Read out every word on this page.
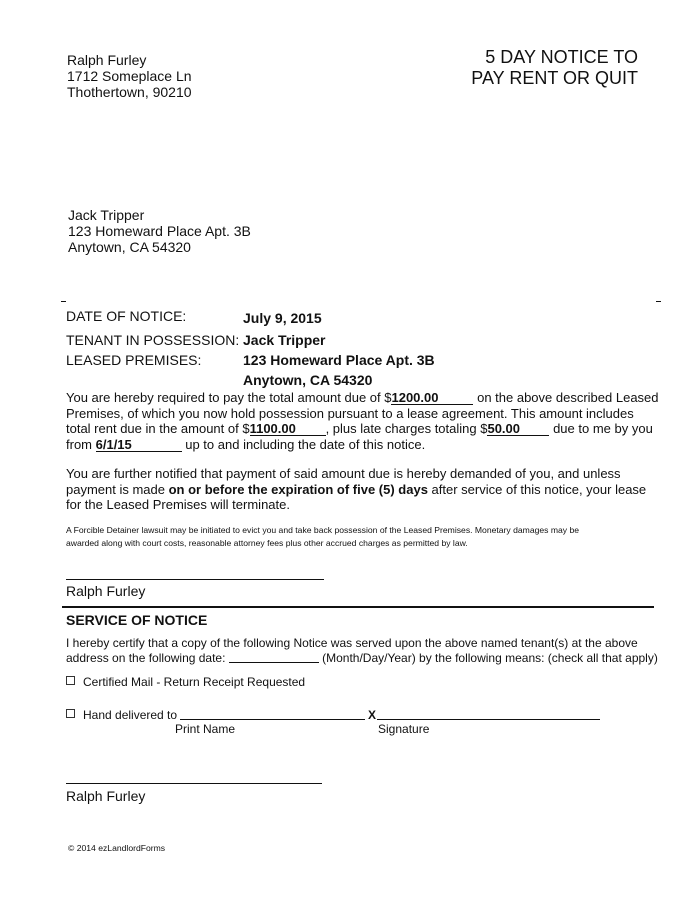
Ralph Furley
1712 Someplace Ln
Thothertown, 90210
5 DAY NOTICE TO
PAY RENT OR QUIT
Jack Tripper
123 Homeward Place Apt. 3B
Anytown, CA 54320
DATE OF NOTICE:	July 9, 2015
TENANT IN POSSESSION: Jack Tripper
LEASED PREMISES:	123 Homeward Place Apt. 3B
Anytown, CA 54320
You are hereby required to pay the total amount due of $1200.00	on the above described Leased
Premises, of which you now hold possession pursuant to a lease agreement. This amount includes
total rent due in the amount of $1100.00 , plus late charges totaling $50.00 due to me by you
from 6/1/15	up to and including the date of this notice.
You are further notified that payment of said amount due is hereby demanded of you, and unless
payment is made on or before the expiration of five (5) days after service of this notice, your lease
for the Leased Premises will terminate.
A Forcible Detainer lawsuit may be initiated to evict you and take back possession of the Leased Premises. Monetary damages may be
awarded along with court costs, reasonable attorney fees plus other accrued charges as permitted by law.
Ralph Furley
SERVICE OF NOTICE
I hereby certify that a copy of the following Notice was served upon the above named tenant(s) at the above
address on the following date:	(Month/Day/Year) by the following means: (check all that apply)
Certified Mail - Return Receipt Requested
Hand delivered to	X
Print Name	Signature
Ralph Furley
© 2014 ezLandlordForms
